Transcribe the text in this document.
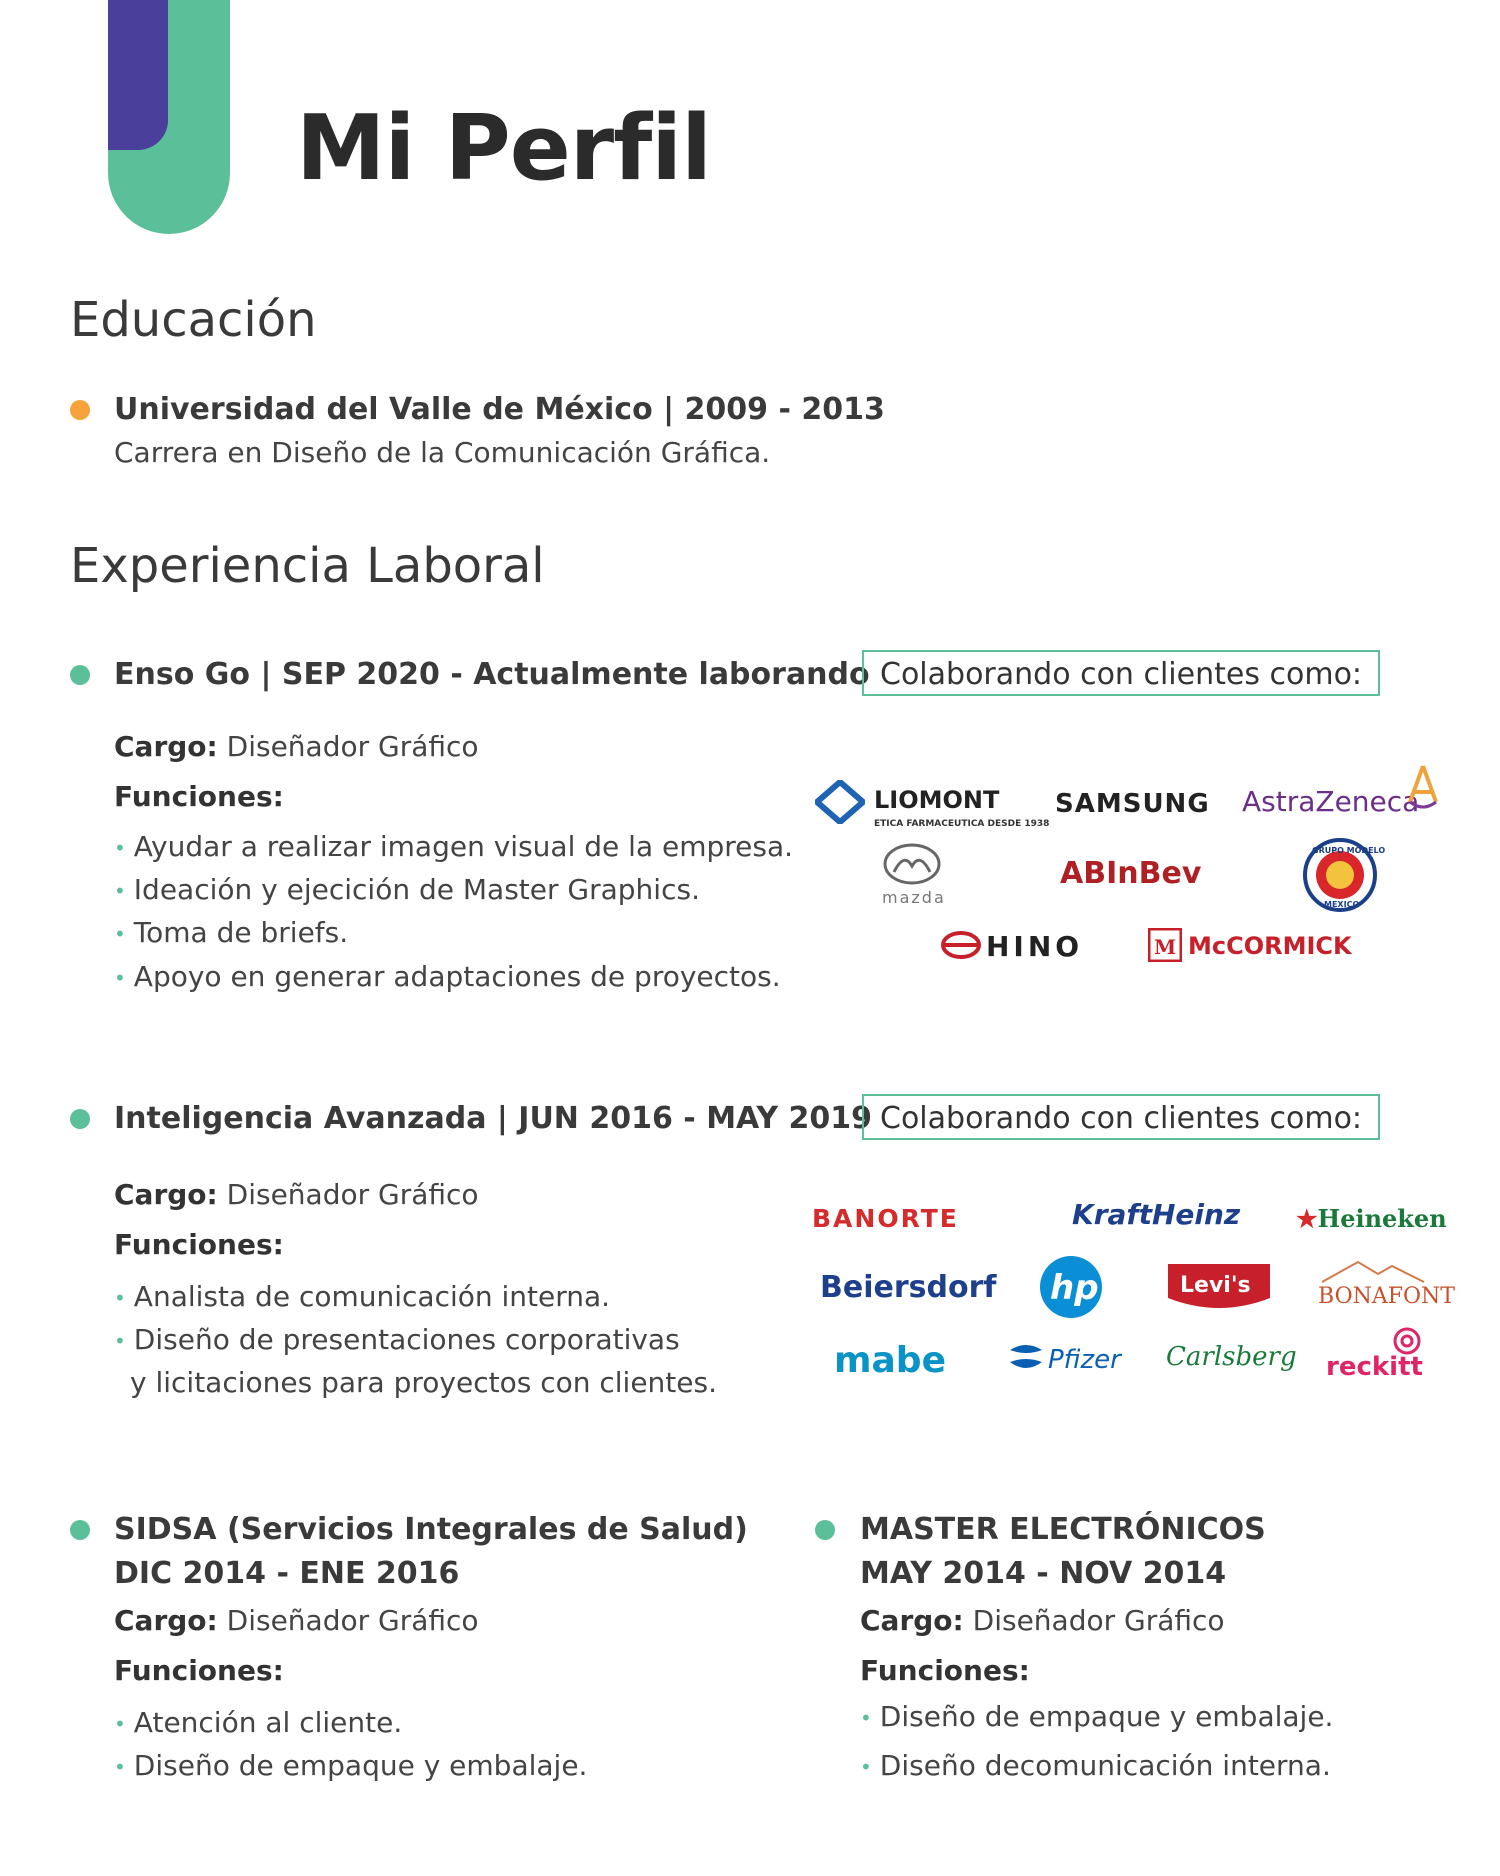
Mi Perfil
Educación
Universidad del Valle de México | 2009 - 2013
Carrera en Diseño de la Comunicación Gráfica.
Experiencia Laboral
Enso Go | SEP 2020 - Actualmente laborando
Cargo: Diseñador Gráfico
Funciones:
• Ayudar a realizar imagen visual de la empresa.
• Ideación y ejecición de Master Graphics.
• Toma de briefs.
• Apoyo en generar adaptaciones de proyectos.
Colaborando con clientes como:
LIOMONT
ETICA FARMACEUTICA DESDE 1938
SAMSUNG AstraZeneca
mazda
ABInBev
GRUPO MODELO
MEXICO
HINO	M McCORMICK
Inteligencia Avanzada | JUN 2016 - MAY 2019
Cargo: Diseñador Gráfico
Funciones:
• Analista de comunicación interna.
• Diseño de presentaciones corporativas
y licitaciones para proyectos con clientes.
Colaborando con clientes como:
BANORTE	KraftHeinz ★Heineken
Beiersdorf hp	Levi's	BONAFONT
mabe	Pfizer Carlsberg reckitt
SIDSA (Servicios Integrales de Salud)
DIC 2014 - ENE 2016
Cargo: Diseñador Gráfico
Funciones:
• Atención al cliente.
• Diseño de empaque y embalaje.
MASTER ELECTRÓNICOS
MAY 2014 - NOV 2014
Cargo: Diseñador Gráfico
Funciones:
• Diseño de empaque y embalaje.
• Diseño decomunicación interna.
